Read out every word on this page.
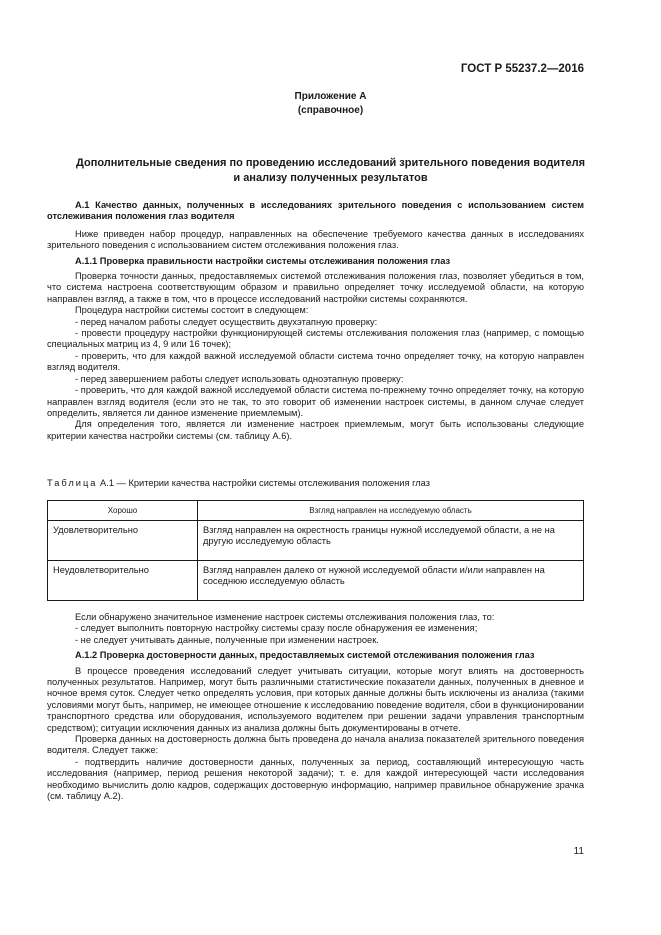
ГОСТ Р 55237.2—2016
Приложение А
(справочное)
Дополнительные сведения по проведению исследований зрительного поведения водителя
и анализу полученных результатов

А.1 Качество данных, полученных в исследованиях зрительного поведения с использованием систем отслеживания положения глаз водителя

Ниже приведен набор процедур, направленных на обеспечение требуемого качества данных в исследованиях зрительного поведения с использованием систем отслеживания положения глаз.

А.1.1 Проверка правильности настройки системы отслеживания положения глаз

Проверка точности данных, предоставляемых системой отслеживания положения глаз, позволяет убедиться в том, что система настроена соответствующим образом и правильно определяет точку исследуемой области, на которую направлен взгляд, а также в том, что в процессе исследований настройки системы сохраняются.

Процедура настройки системы состоит в следующем:

- перед началом работы следует осуществить двухэтапную проверку:

- провести процедуру настройки функционирующей системы отслеживания положения глаз (например, с помощью специальных матриц из 4, 9 или 16 точек);

- проверить, что для каждой важной исследуемой области система точно определяет точку, на которую направлен взгляд водителя.

- перед завершением работы следует использовать одноэтапную проверку:

- проверить, что для каждой важной исследуемой области система по-прежнему точно определяет точку, на которую направлен взгляд водителя (если это не так, то это говорит об изменении настроек системы, в данном случае следует определить, является ли данное изменение приемлемым).

Для определения того, является ли изменение настроек приемлемым, могут быть использованы следующие критерии качества настройки системы (см. таблицу А.6).

Таблица А.1 — Критерии качества настройки системы отслеживания положения глаз
Хорошо	Взгляд направлен на исследуемую область
Удовлетворительно	Взгляд направлен на окрестность границы нужной исследуемой области, а не на другую исследуемую область
Неудовлетворительно	Взгляд направлен далеко от нужной исследуемой области и/или направлен на соседнюю исследуемую область

Если обнаружено значительное изменение настроек системы отслеживания положения глаз, то:

- следует выполнить повторную настройку системы сразу после обнаружения ее изменения;

- не следует учитывать данные, полученные при изменении настроек.

А.1.2 Проверка достоверности данных, предоставляемых системой отслеживания положения глаз

В процессе проведения исследований следует учитывать ситуации, которые могут влиять на достоверность полученных результатов. Например, могут быть различными статистические показатели данных, полученных в дневное и ночное время суток. Следует четко определять условия, при которых данные должны быть исключены из анализа (такими условиями могут быть, например, не имеющее отношение к исследованию поведение водителя, сбои в функционировании транспортного средства или оборудования, используемого водителем при решении задачи управления транспортным средством); ситуации исключения данных из анализа должны быть документированы в отчете.

Проверка данных на достоверность должна быть проведена до начала анализа показателей зрительного поведения водителя. Следует также:

- подтвердить наличие достоверности данных, полученных за период, составляющий интересующую часть исследования (например, период решения некоторой задачи); т. е. для каждой интересующей части исследования необходимо вычислить долю кадров, содержащих достоверную информацию, например правильное обнаружение зрачка (см. таблицу А.2).

11
